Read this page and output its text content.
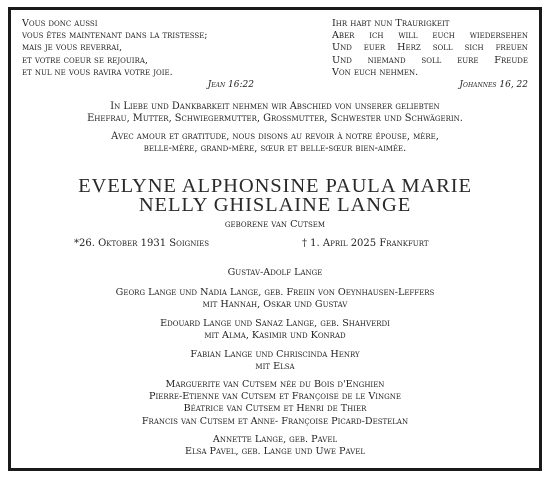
Vous donc aussi
vous êtes maintenant dans la tristesse;
mais je vous reverrai,
et votre coeur se rejouira,
et nul ne vous ravira votre joie.
Jean 16:22
Ihr habt nun Traurigkeit
Aber ich will euch wiedersehen
Und euer Herz soll sich freuen
Und niemand soll eure Freude
Von euch nehmen.
Johannes 16, 22
In Liebe und Dankbarkeit nehmen wir Abschied von unserer geliebten
Ehefrau, Mutter, Schwiegermutter, Grossmutter, Schwester und Schwägerin.
Avec amour et gratitude, nous disons au revoir à notre épouse, mère,
belle-mère, grand-mère, sœur et belle-sœur bien-aimée.
EVELYNE ALPHONSINE PAULA MARIE
NELLY GHISLAINE LANGE
geborene van Cutsem
*26. Oktober 1931 Soignies	† 1. April 2025 Frankfurt
Gustav-Adolf Lange
Georg Lange und Nadia Lange, geb. Freiin von Oeynhausen-Leffers
mit Hannah, Oskar und Gustav
Edouard Lange und Sanaz Lange, geb. Shahverdi
mit Alma, Kasimir und Konrad
Fabian Lange und Chriscinda Henry
mit Elsa
Marguerite van Cutsem née du Bois d'Enghien
Pierre-Etienne van Cutsem et Françoise de le Vingne
Béatrice van Cutsem et Henri de Thier
Francis van Cutsem et Anne- Françoise Picard-Destelan
Annette Lange, geb. Pavel
Elsa Pavel, geb. Lange und Uwe Pavel
